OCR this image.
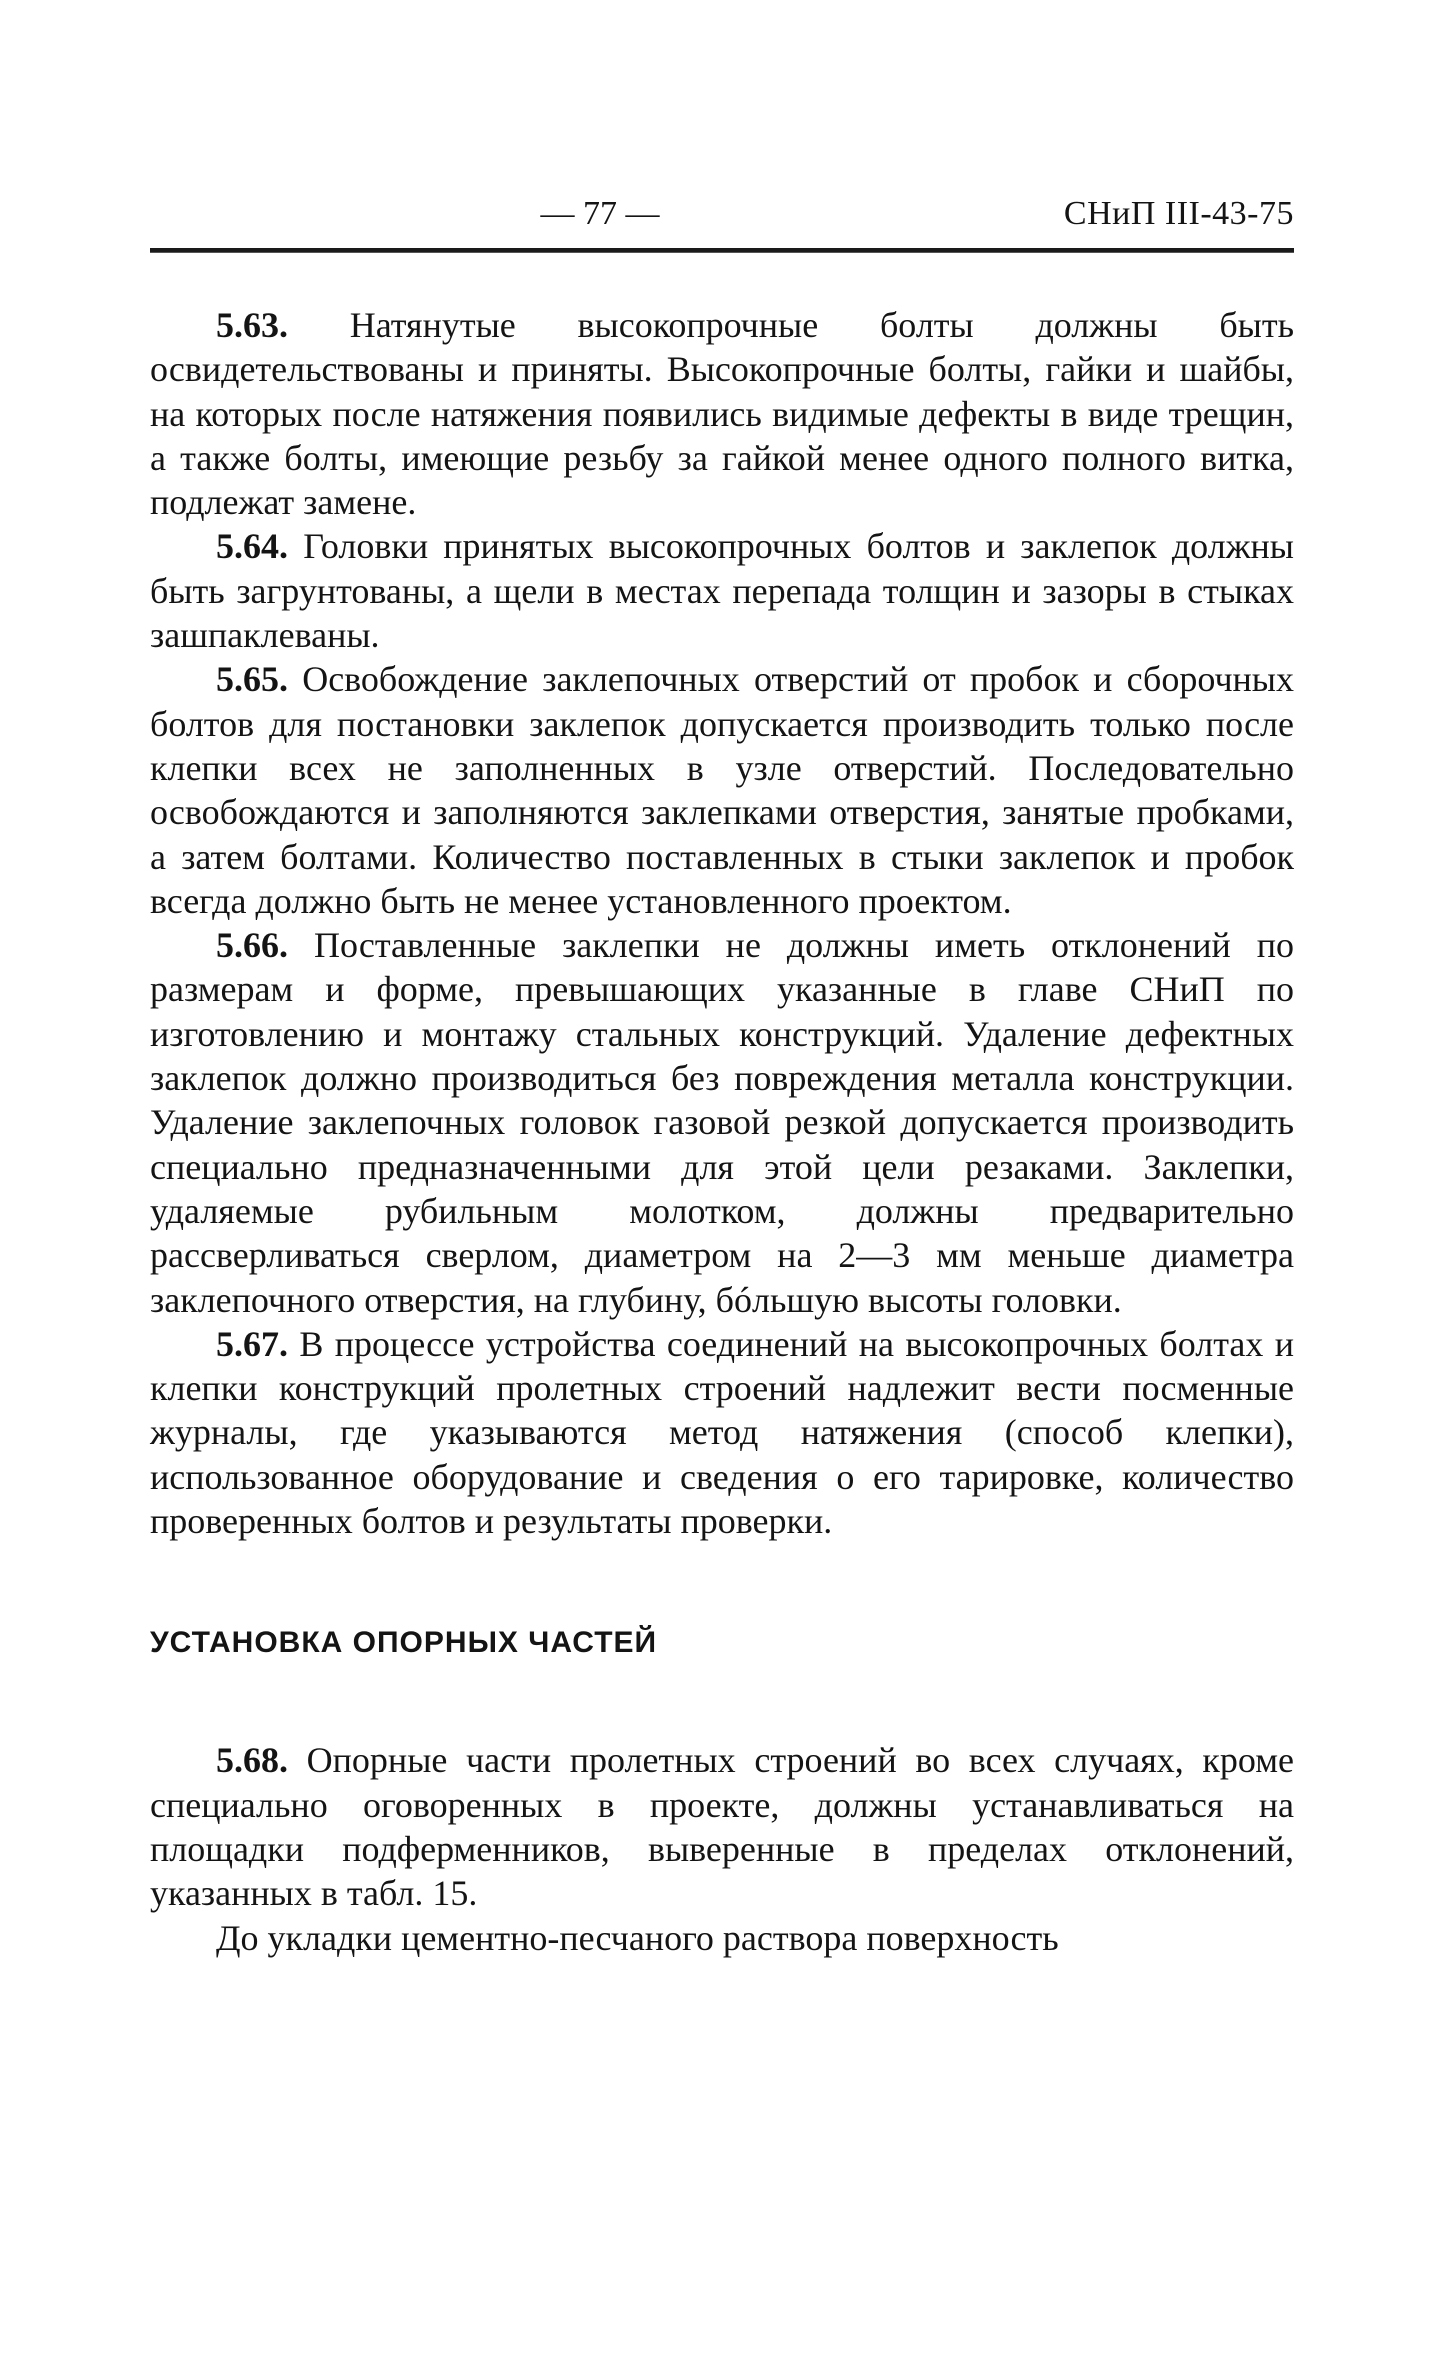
— 77 —	СНиП III-43-75

5.63. Натянутые высокопрочные болты должны быть освидетельствованы и приняты. Высокопрочные болты, гайки и шайбы, на которых после натяжения появились видимые дефекты в виде трещин, а также болты, имеющие резьбу за гайкой менее одного полного витка, подлежат замене.

5.64. Головки принятых высокопрочных болтов и заклепок должны быть загрунтованы, а щели в местах перепада толщин и зазоры в стыках зашпаклеваны.

5.65. Освобождение заклепочных отверстий от пробок и сборочных болтов для постановки заклепок допускается производить только после клепки всех не заполненных в узле отверстий. Последовательно освобождаются и заполняются заклепками отверстия, занятые пробками, а затем болтами. Количество поставленных в стыки заклепок и пробок всегда должно быть не менее установленного проектом.

5.66. Поставленные заклепки не должны иметь отклонений по размерам и форме, превышающих указанные в главе СНиП по изготовлению и монтажу стальных конструкций. Удаление дефектных заклепок должно производиться без повреждения металла конструкции. Удаление заклепочных головок газовой резкой допускается производить специально предназначенными для этой цели резаками. Заклепки, удаляемые рубильным молотком, должны предварительно рассверливаться сверлом, диаметром на 2—3 мм меньше диаметра заклепочного отверстия, на глубину, бóльшую высоты головки.

5.67. В процессе устройства соединений на высокопрочных болтах и клепки конструкций пролетных строений надлежит вести посменные журналы, где указываются метод натяжения (способ клепки), использованное оборудование и сведения о его тарировке, количество проверенных болтов и результаты проверки.

УСТАНОВКА ОПОРНЫХ ЧАСТЕЙ

5.68. Опорные части пролетных строений во всех случаях, кроме специально оговоренных в проекте, должны устанавливаться на площадки подферменников, выверенные в пределах отклонений, указанных в табл. 15.

До укладки цементно-песчаного раствора поверхность
